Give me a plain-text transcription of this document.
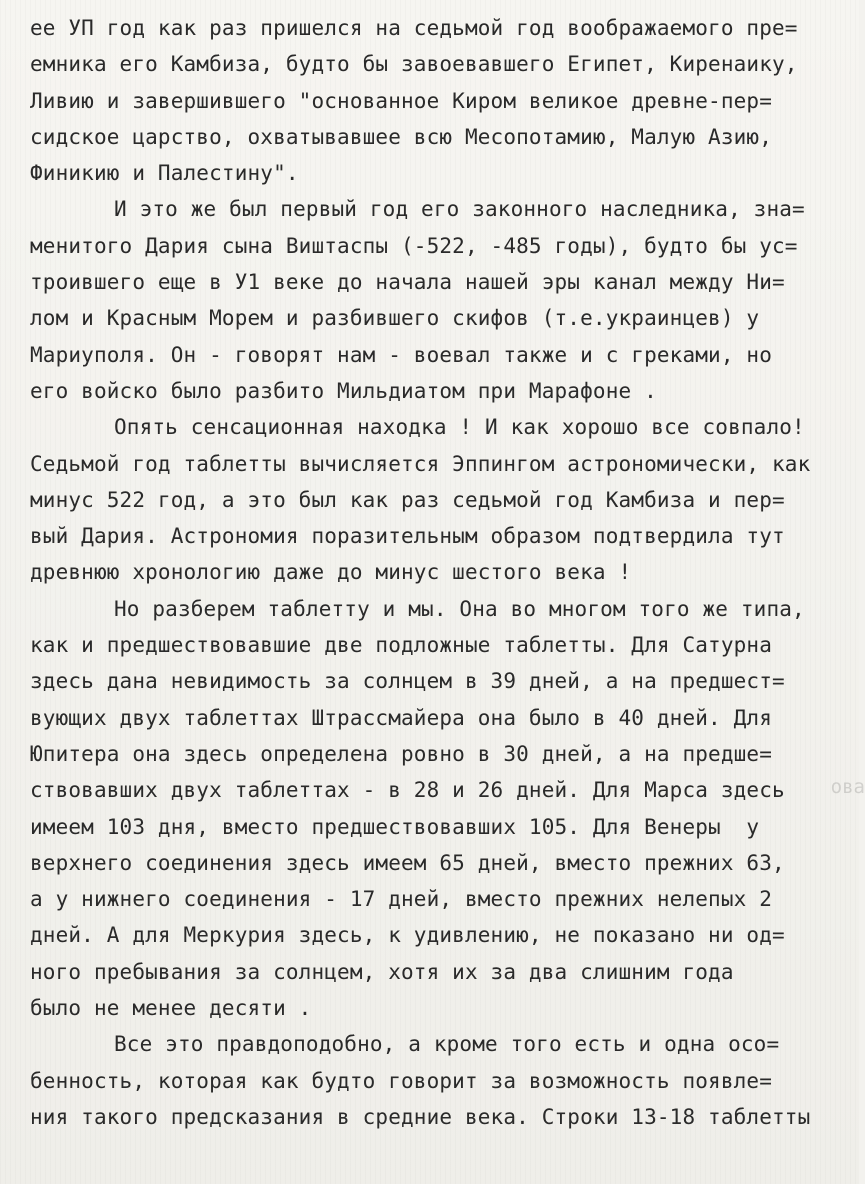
ее УП год как раз пришелся на седьмой год воображаемого пре=
емника его Камбиза, будто бы завоевавшего Египет, Киренаику,
Ливию и завершившего "основанное Киром великое древне-пер=
сидское царство, охватывавшее всю Месопотамию, Малую Азию,
Финикию и Палестину".
И это же был первый год его законного наследника, зна=
менитого Дария сына Виштаспы (-522, -485 годы), будто бы ус=
троившего еще в У1 веке до начала нашей эры канал между Ни=
лом и Красным Морем и разбившего скифов (т.е.украинцев) у
Мариуполя. Он - говорят нам - воевал также и с греками, но
его войско было разбито Мильдиатом при Марафоне .
Опять сенсационная находка ! И как хорошо все совпало!
Седьмой год таблетты вычисляется Эппингом астрономически, как
минус 522 год, а это был как раз седьмой год Камбиза и пер=
вый Дария. Астрономия поразительным образом подтвердила тут
древнюю хронологию даже до минус шестого века !
Но разберем таблетту и мы. Она во многом того же типа,
как и предшествовавшие две подложные таблетты. Для Сатурна
здесь дана невидимость за солнцем в 39 дней, а на предшест=
вующих двух таблеттах Штрассмайера она было в 40 дней. Для
Юпитера она здесь определена ровно в 30 дней, а на предше=
ствовавших двух таблеттах - в 28 и 26 дней. Для Марса здесь
имеем 103 дня, вместо предшествовавших 105. Для Венеры  у
верхнего соединения здесь имеем 65 дней, вместо прежних 63,
а у нижнего соединения - 17 дней, вместо прежних нелепых 2
дней. А для Меркурия здесь, к удивлению, не показано ни од=
ного пребывания за солнцем, хотя их за два слишним года
было не менее десяти .
Все это правдоподобно, а кроме того есть и одна осо=
бенность, которая как будто говорит за возможность появле=
ния такого предсказания в средние века. Строки 13-18 таблетты
ова
